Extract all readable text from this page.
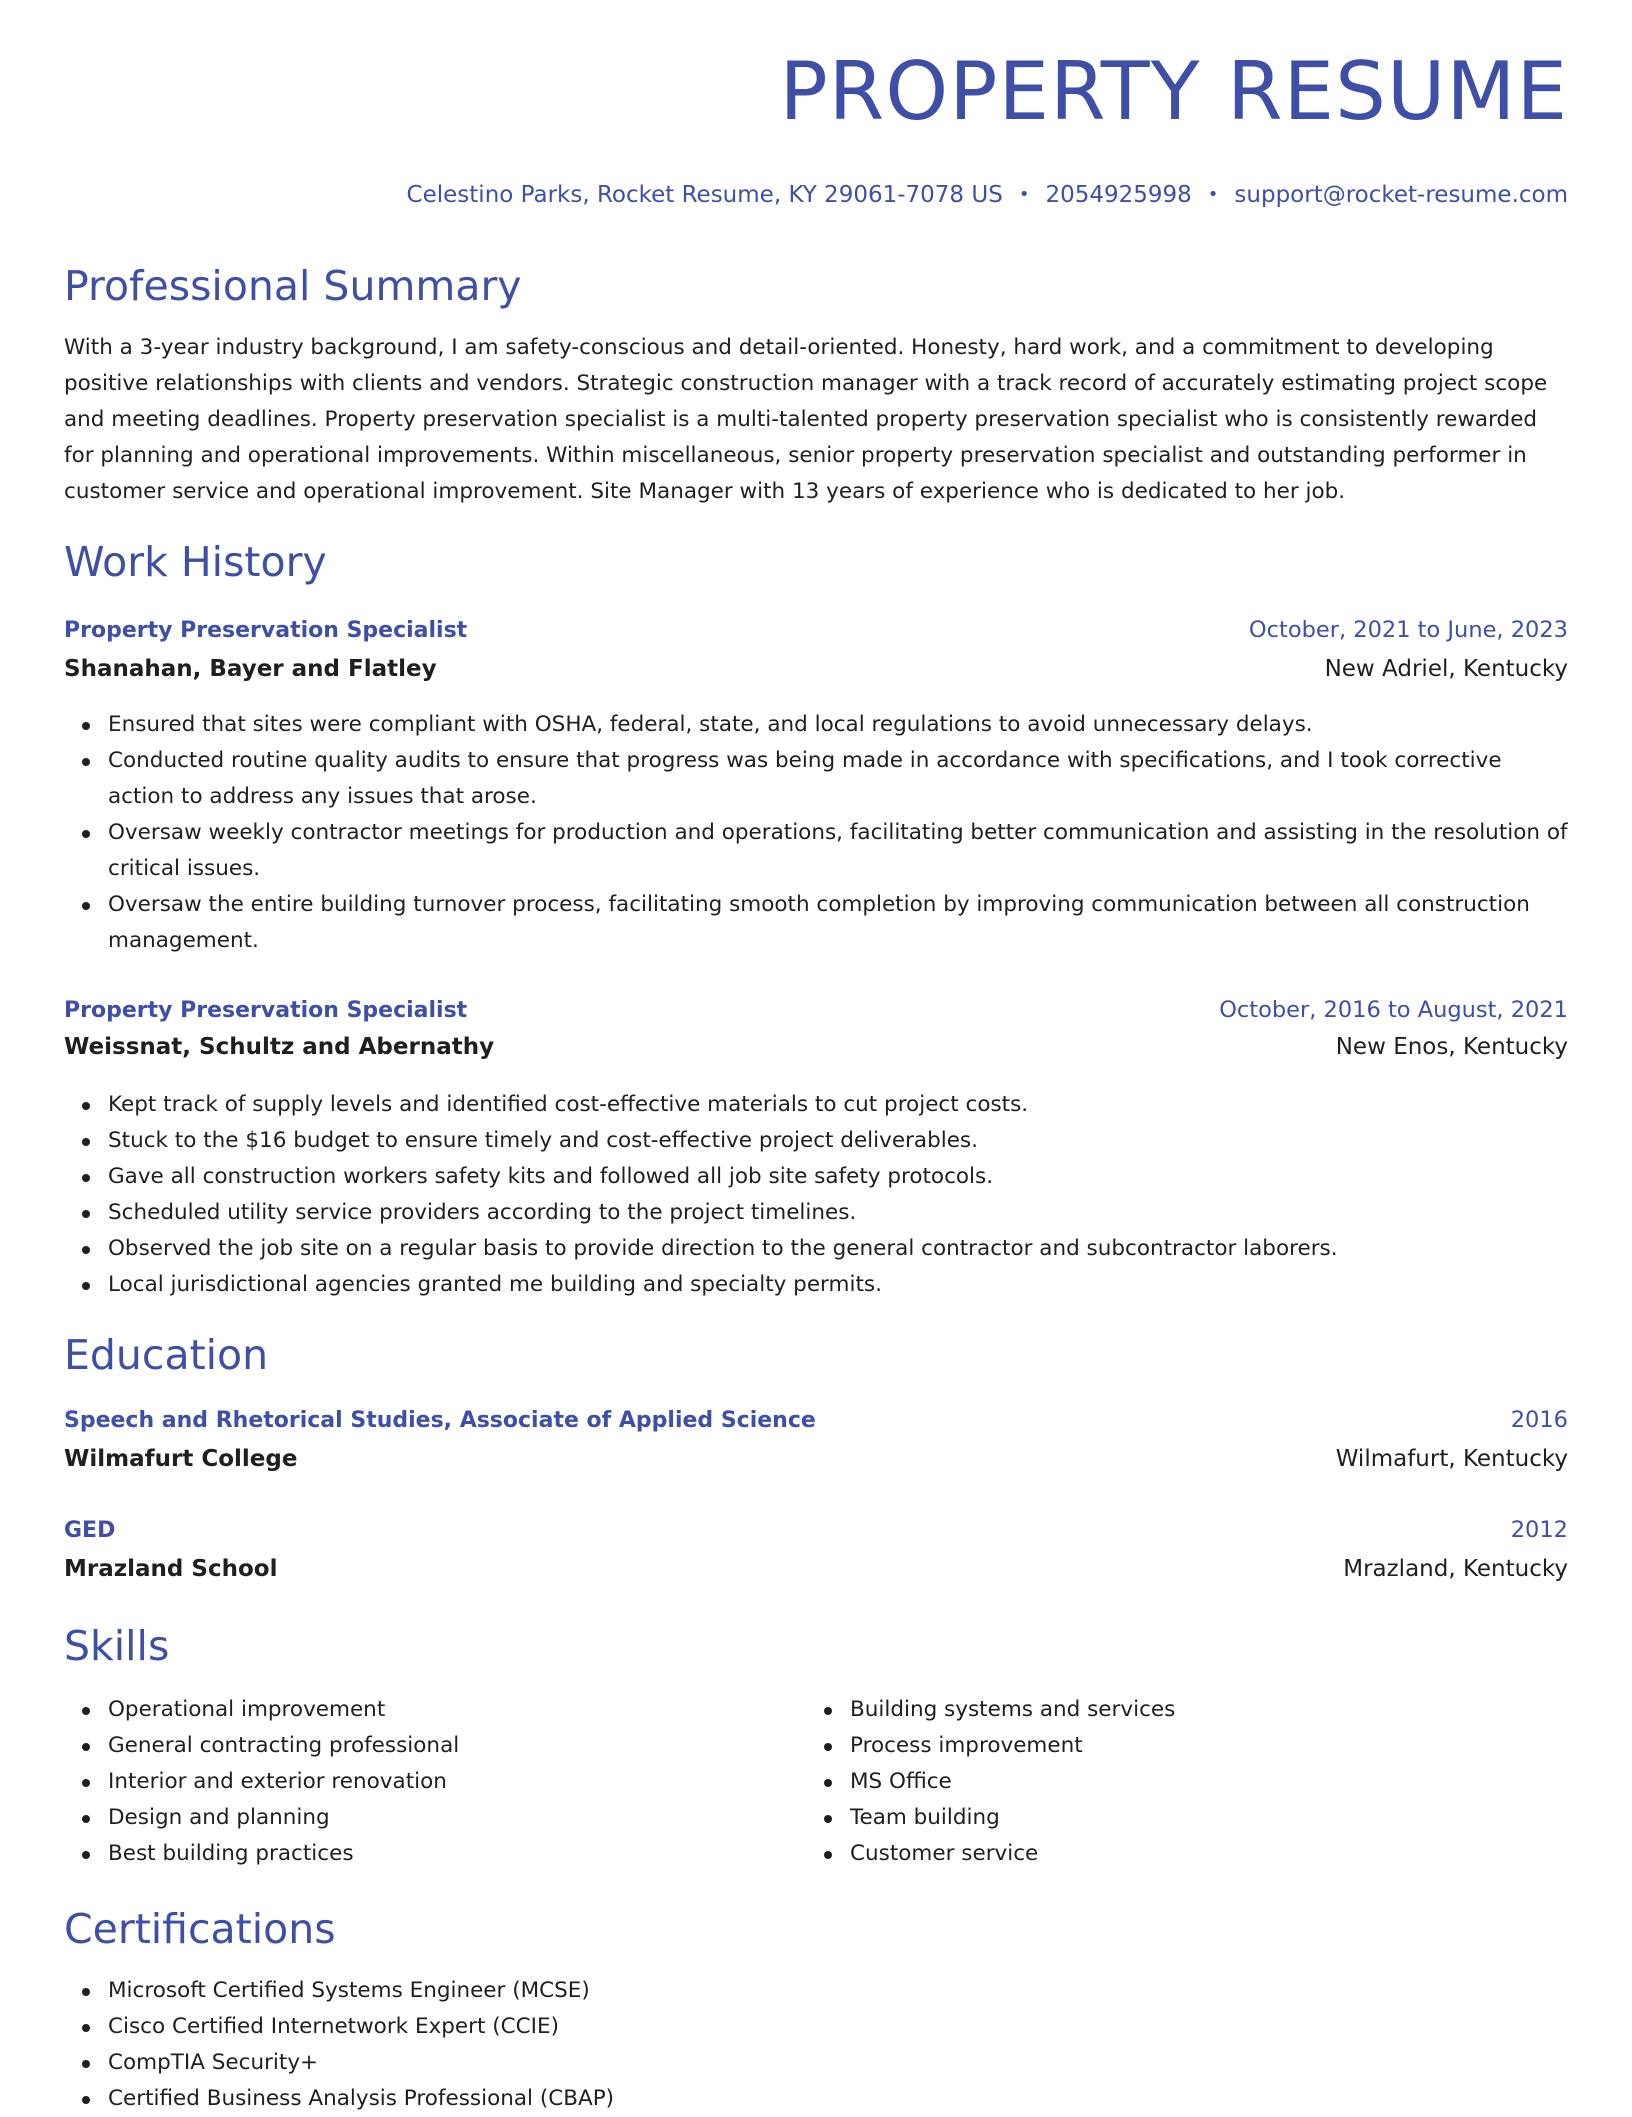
PROPERTY RESUME
Celestino Parks, Rocket Resume, KY 29061-7078 US • 2054925998 • support@rocket-resume.com
Professional Summary

With a 3-year industry background, I am safety-conscious and detail-oriented. Honesty, hard work, and a commitment to developing positive relationships with clients and vendors. Strategic construction manager with a track record of accurately estimating project scope and meeting deadlines. Property preservation specialist is a multi-talented property preservation specialist who is consistently rewarded for planning and operational improvements. Within miscellaneous, senior property preservation specialist and outstanding performer in customer service and operational improvement. Site Manager with 13 years of experience who is dedicated to her job.

Work History
Property Preservation Specialist	October, 2021 to June, 2023
Shanahan, Bayer and Flatley	New Adriel, Kentucky
Ensured that sites were compliant with OSHA, federal, state, and local regulations to avoid unnecessary delays.
Conducted routine quality audits to ensure that progress was being made in accordance with specifications, and I took corrective action to address any issues that arose.
Oversaw weekly contractor meetings for production and operations, facilitating better communication and assisting in the resolution of critical issues.
Oversaw the entire building turnover process, facilitating smooth completion by improving communication between all construction management.
Property Preservation Specialist	October, 2016 to August, 2021
Weissnat, Schultz and Abernathy	New Enos, Kentucky
Kept track of supply levels and identified cost-effective materials to cut project costs.
Stuck to the $16 budget to ensure timely and cost-effective project deliverables.
Gave all construction workers safety kits and followed all job site safety protocols.
Scheduled utility service providers according to the project timelines.
Observed the job site on a regular basis to provide direction to the general contractor and subcontractor laborers.
Local jurisdictional agencies granted me building and specialty permits.
Education
Speech and Rhetorical Studies, Associate of Applied Science	2016
Wilmafurt College	Wilmafurt, Kentucky
GED	2012
Mrazland School	Mrazland, Kentucky
Skills
Operational improvement
General contracting professional
Interior and exterior renovation
Design and planning
Best building practices
Building systems and services
Process improvement
MS Office
Team building
Customer service
Certifications
Microsoft Certified Systems Engineer (MCSE)
Cisco Certified Internetwork Expert (CCIE)
CompTIA Security+
Certified Business Analysis Professional (CBAP)
